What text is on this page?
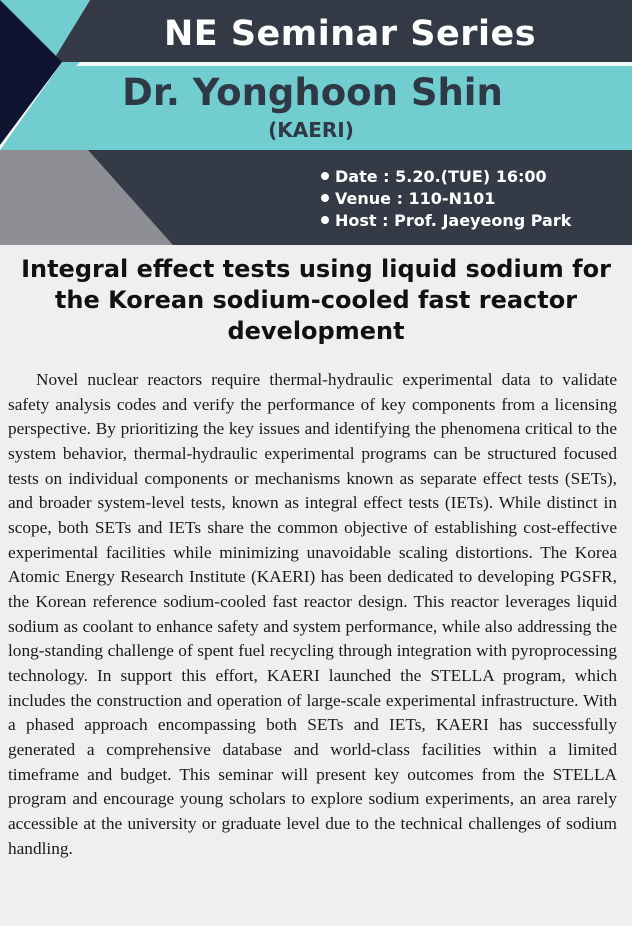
NE Seminar Series
Dr. Yonghoon Shin
(KAERI)
Date : 5.20.(TUE) 16:00
Venue : 110-N101
Host : Prof. Jaeyeong Park
Integral effect tests using liquid sodium for the Korean sodium-cooled fast reactor development

Novel nuclear reactors require thermal-hydraulic experimental data to validate safety analysis codes and verify the performance of key components from a licensing perspective. By prioritizing the key issues and identifying the phenomena critical to the system behavior, thermal-hydraulic experimental programs can be structured focused tests on individual components or mechanisms known as separate effect tests (SETs), and broader system-level tests, known as integral effect tests (IETs). While distinct in scope, both SETs and IETs share the common objective of establishing cost-effective experimental facilities while minimizing unavoidable scaling distortions. The Korea Atomic Energy Research Institute (KAERI) has been dedicated to developing PGSFR, the Korean reference sodium-cooled fast reactor design. This reactor leverages liquid sodium as coolant to enhance safety and system performance, while also addressing the long-standing challenge of spent fuel recycling through integration with pyroprocessing technology. In support this effort, KAERI launched the STELLA program, which includes the construction and operation of large-scale experimental infrastructure. With a phased approach encompassing both SETs and IETs, KAERI has successfully generated a comprehensive database and world-class facilities within a limited timeframe and budget. This seminar will present key outcomes from the STELLA program and encourage young scholars to explore sodium experiments, an area rarely accessible at the university or graduate level due to the technical challenges of sodium handling.
